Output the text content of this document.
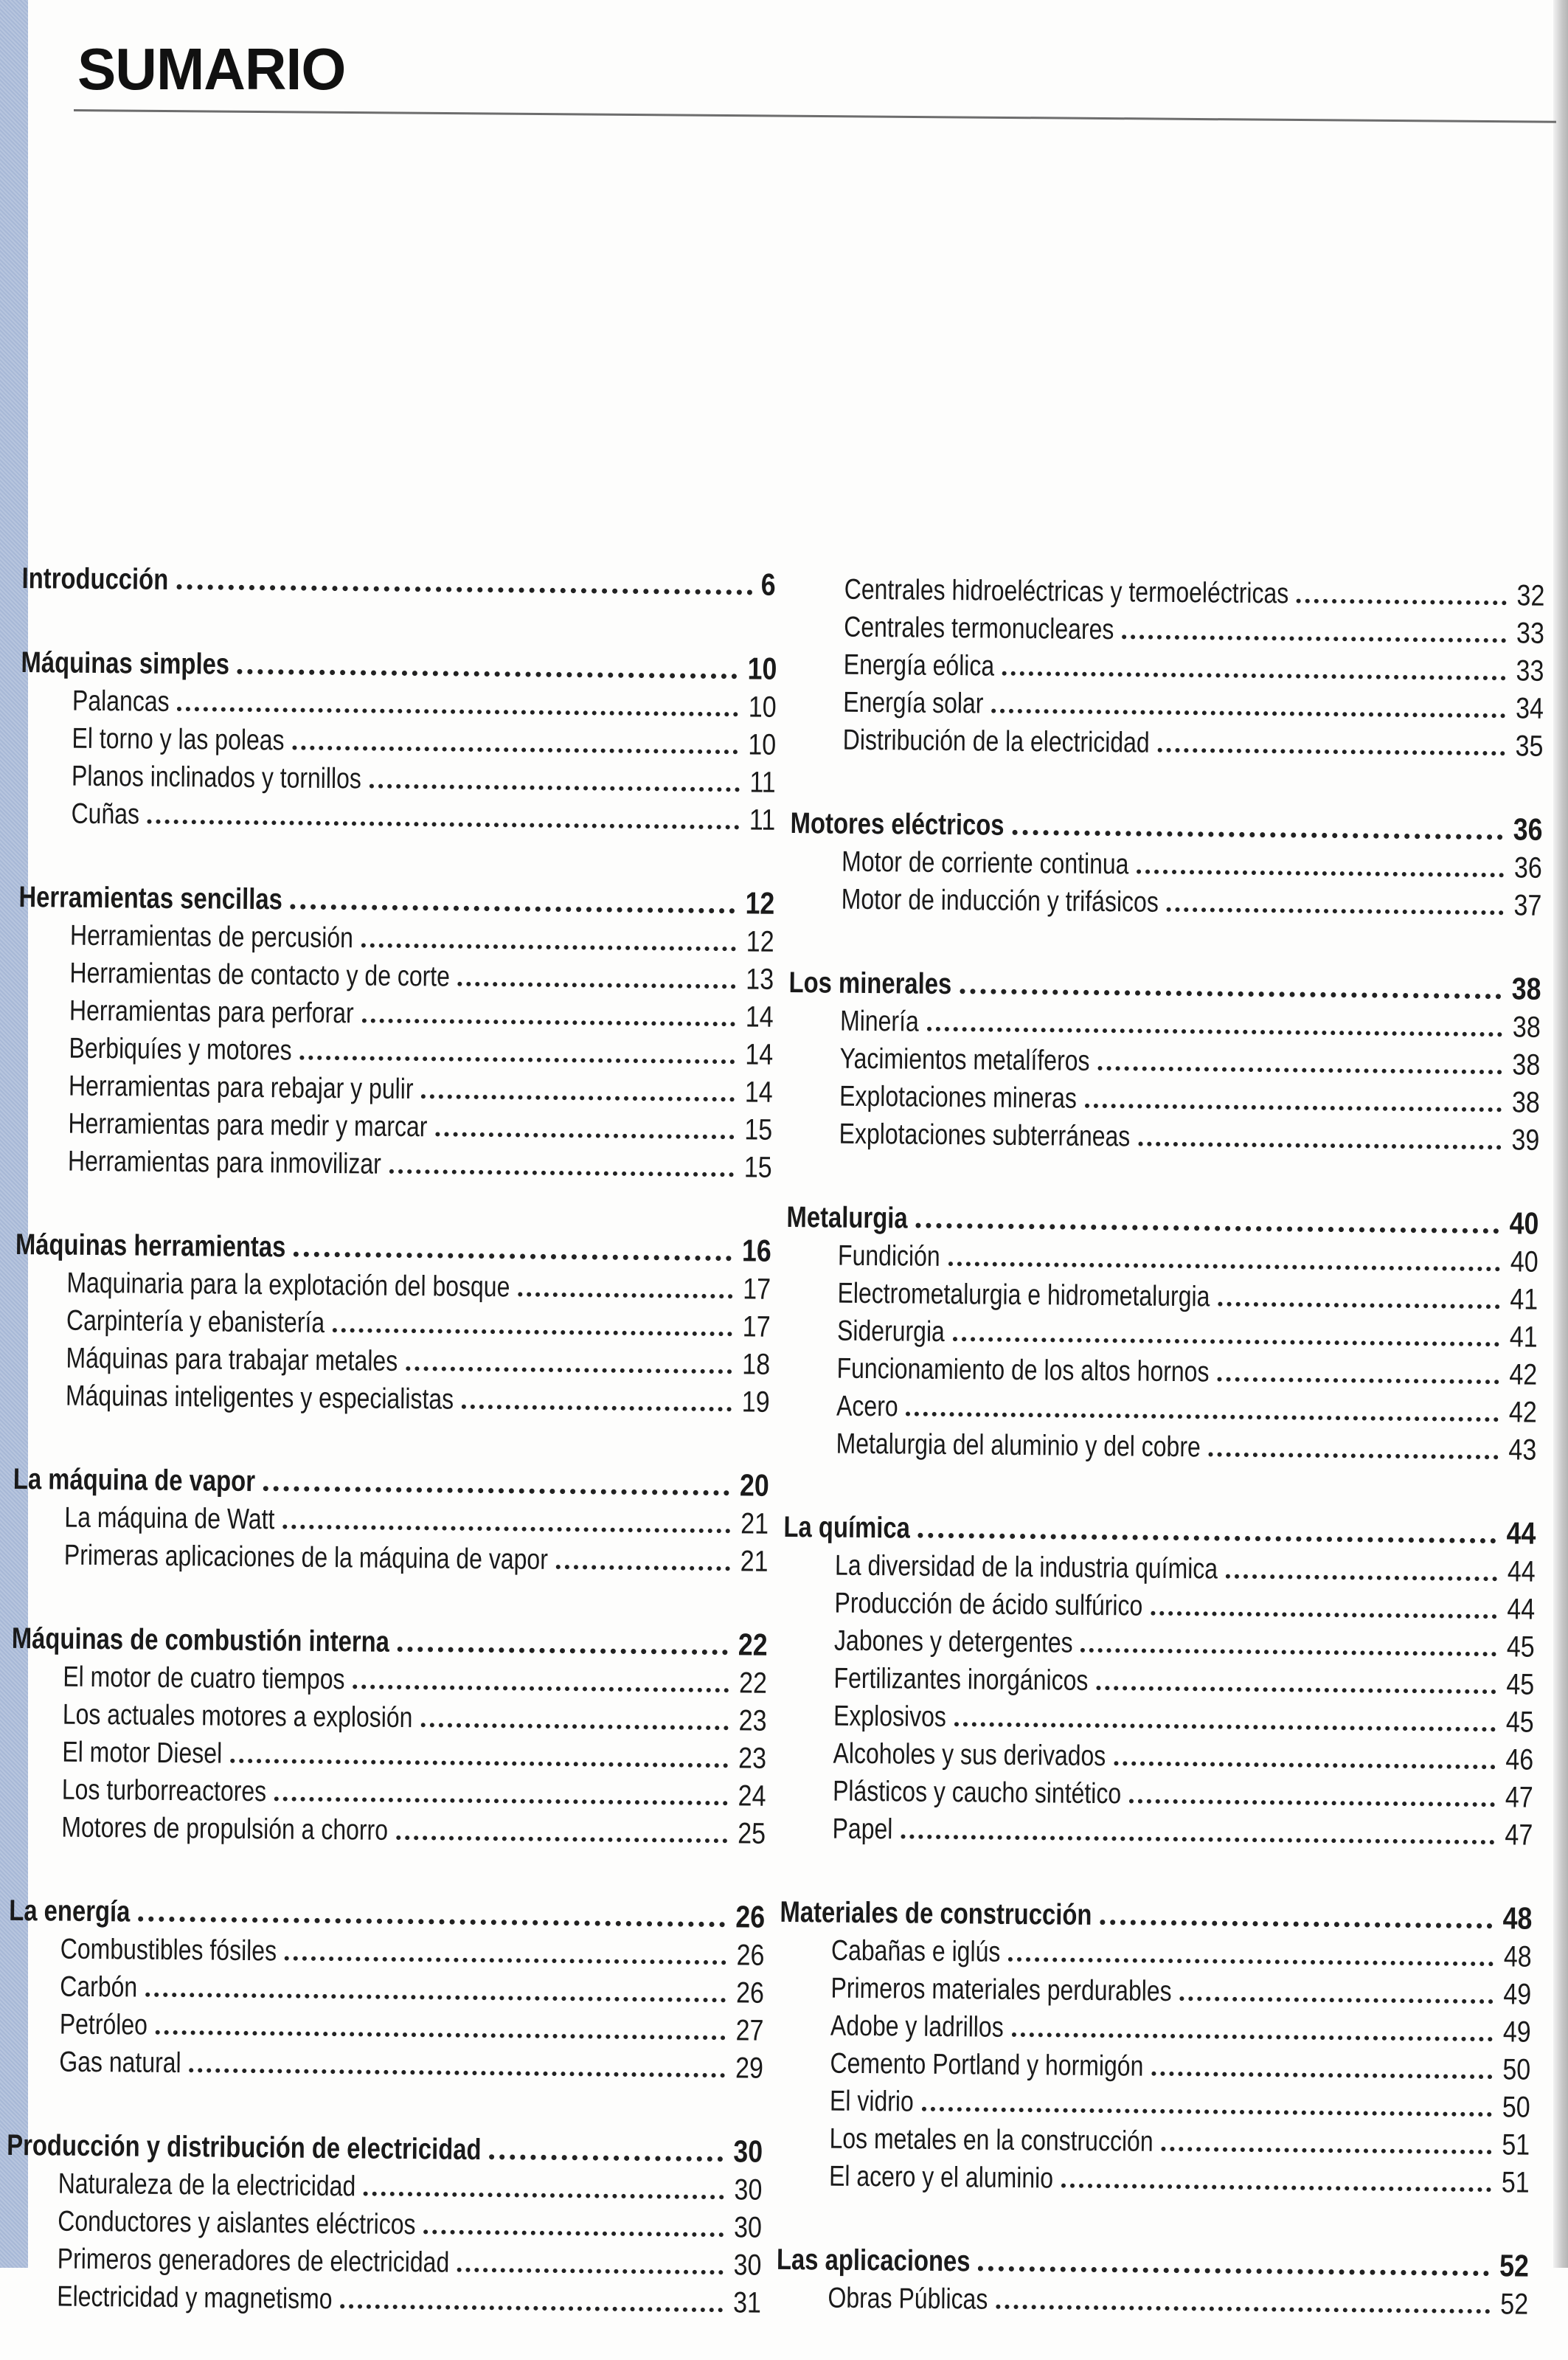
SUMARIO
Introducción	6
Máquinas simples	10
Palancas	10
El torno y las poleas	10
Planos inclinados y tornillos	11
Cuñas	11
Herramientas sencillas	12
Herramientas de percusión	12
Herramientas de contacto y de corte	13
Herramientas para perforar	14
Berbiquíes y motores	14
Herramientas para rebajar y pulir	14
Herramientas para medir y marcar	15
Herramientas para inmovilizar	15
Máquinas herramientas	16
Maquinaria para la explotación del bosque	17
Carpintería y ebanistería	17
Máquinas para trabajar metales	18
Máquinas inteligentes y especialistas	19
La máquina de vapor	20
La máquina de Watt	21
Primeras aplicaciones de la máquina de vapor	21
Máquinas de combustión interna	22
El motor de cuatro tiempos	22
Los actuales motores a explosión	23
El motor Diesel	23
Los turborreactores	24
Motores de propulsión a chorro	25
La energía	26
Combustibles fósiles	26
Carbón	26
Petróleo	27
Gas natural	29
Producción y distribución de electricidad	30
Naturaleza de la electricidad	30
Conductores y aislantes eléctricos	30
Primeros generadores de electricidad	30
Electricidad y magnetismo	31
Centrales hidroeléctricas y termoeléctricas	32
Centrales termonucleares	33
Energía eólica	33
Energía solar	34
Distribución de la electricidad	35
Motores eléctricos	36
Motor de corriente continua	36
Motor de inducción y trifásicos	37
Los minerales	38
Minería	38
Yacimientos metalíferos	38
Explotaciones mineras	38
Explotaciones subterráneas	39
Metalurgia	40
Fundición	40
Electrometalurgia e hidrometalurgia	41
Siderurgia	41
Funcionamiento de los altos hornos	42
Acero	42
Metalurgia del aluminio y del cobre	43
La química	44
La diversidad de la industria química	44
Producción de ácido sulfúrico	44
Jabones y detergentes	45
Fertilizantes inorgánicos	45
Explosivos	45
Alcoholes y sus derivados	46
Plásticos y caucho sintético	47
Papel	47
Materiales de construcción	48
Cabañas e iglús	48
Primeros materiales perdurables	49
Adobe y ladrillos	49
Cemento Portland y hormigón	50
El vidrio	50
Los metales en la construcción	51
El acero y el aluminio	51
Las aplicaciones	52
Obras Públicas	52
